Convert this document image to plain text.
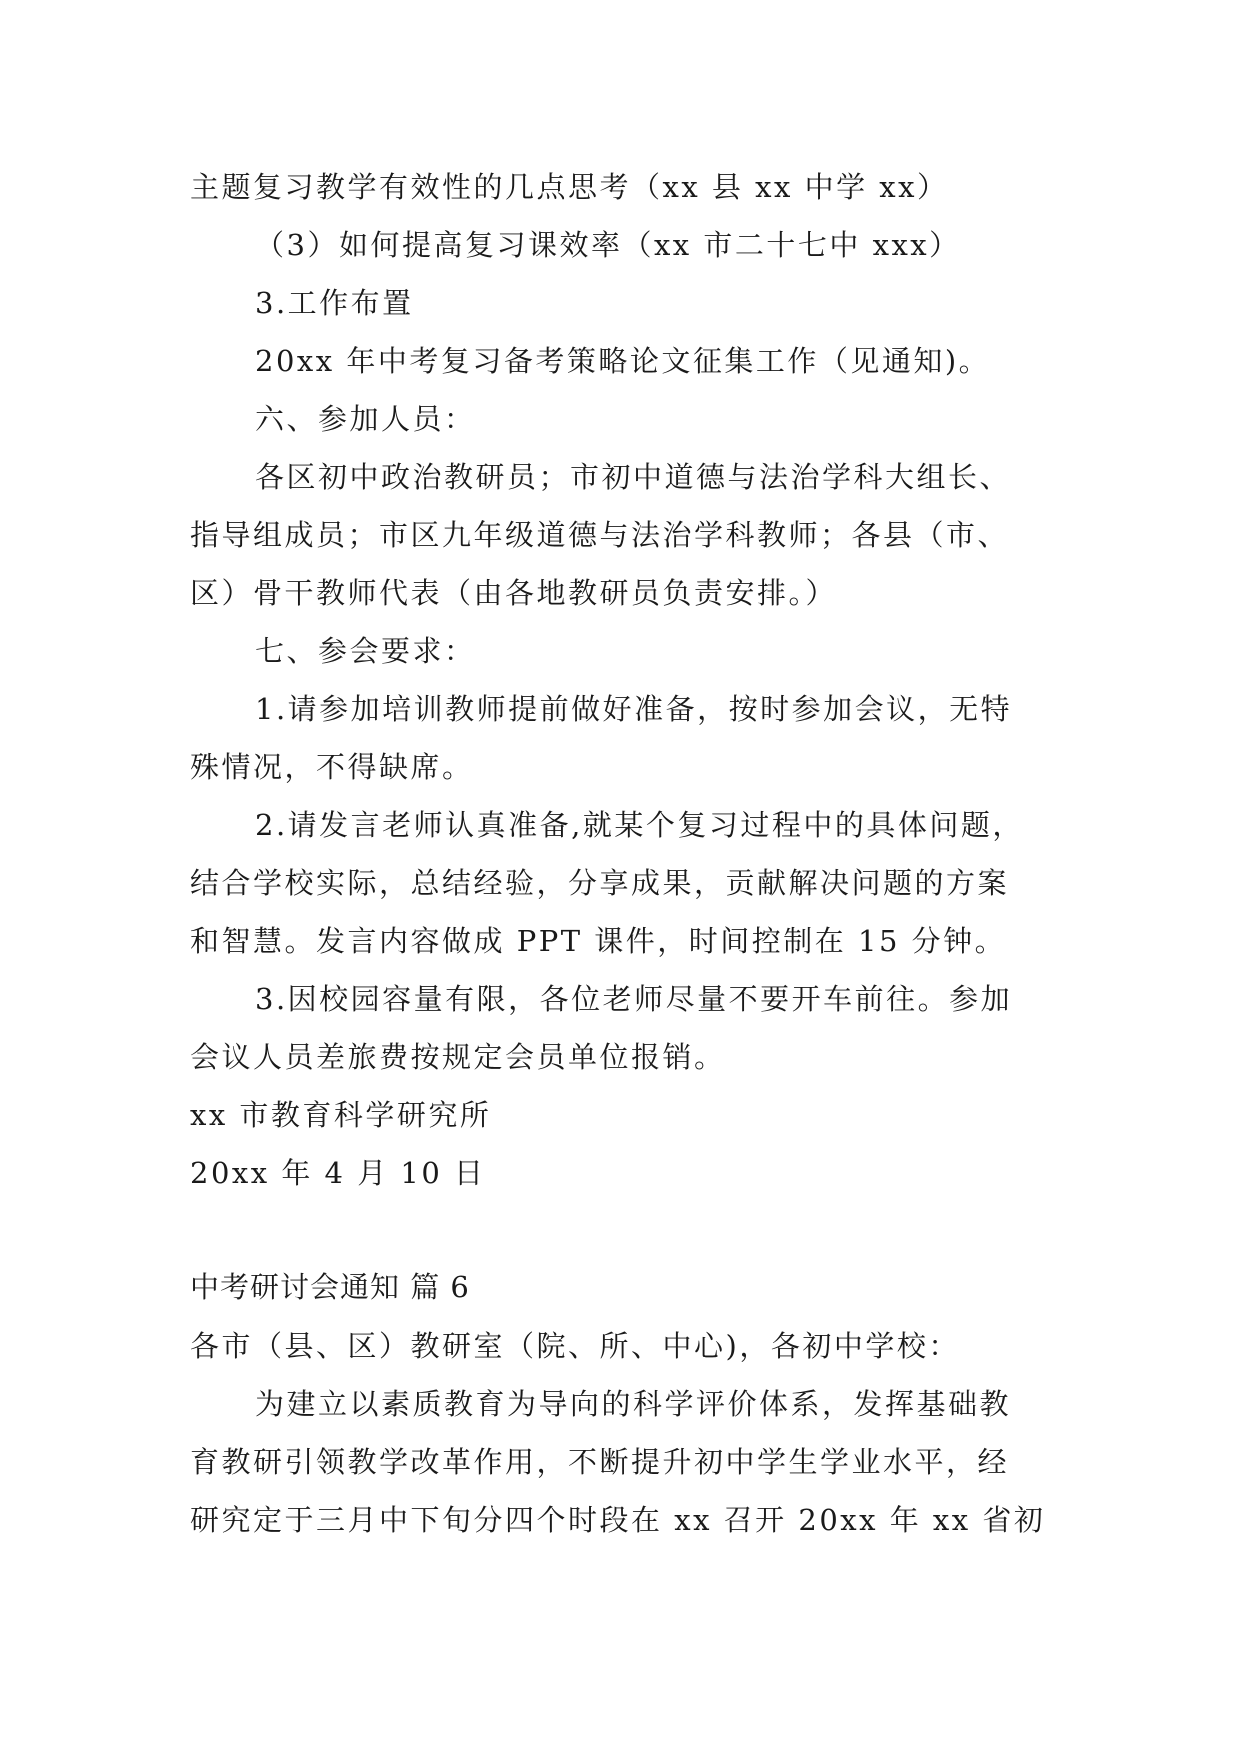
主题复习教学有效性的几点思考（xx 县 xx 中学 xx）
（3）如何提高复习课效率（xx 市二十七中 xxx）
3.工作布置
20xx 年中考复习备考策略论文征集工作（见通知)。
六、参加人员：
各区初中政治教研员；市初中道德与法治学科大组长、
指导组成员；市区九年级道德与法治学科教师；各县（市、
区）骨干教师代表（由各地教研员负责安排。）
七、参会要求：
1.请参加培训教师提前做好准备，按时参加会议，无特
殊情况，不得缺席。
2.请发言老师认真准备,就某个复习过程中的具体问题，
结合学校实际，总结经验，分享成果，贡献解决问题的方案
和智慧。发言内容做成 PPT 课件，时间控制在 15 分钟。
3.因校园容量有限，各位老师尽量不要开车前往。参加
会议人员差旅费按规定会员单位报销。
xx 市教育科学研究所
20xx 年 4 月 10 日
中考研讨会通知 篇 6
各市（县、区）教研室（院、所、中心)，各初中学校：
为建立以素质教育为导向的科学评价体系，发挥基础教
育教研引领教学改革作用，不断提升初中学生学业水平，经
研究定于三月中下旬分四个时段在 xx 召开 20xx 年 xx 省初
